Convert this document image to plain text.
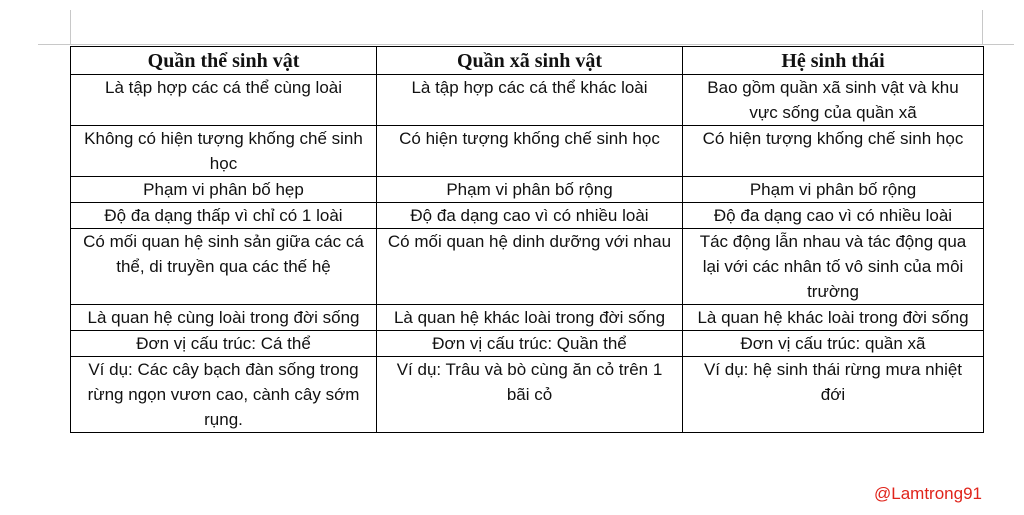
Quần thể sinh vật	Quần xã sinh vật	Hệ sinh thái
Là tập hợp các cá thể cùng loài	Là tập hợp các cá thể khác loài	Bao gồm quần xã sinh vật và khu vực sống của quần xã
Không có hiện tượng khống chế sinh học	Có hiện tượng khống chế sinh học	Có hiện tượng khống chế sinh học
Phạm vi phân bố hẹp	Phạm vi phân bố rộng	Phạm vi phân bố rộng
Độ đa dạng thấp vì chỉ có 1 loài	Độ đa dạng cao vì có nhiều loài	Độ đa dạng cao vì có nhiều loài
Có mối quan hệ sinh sản giữa các cá thể, di truyền qua các thế hệ	Có mối quan hệ dinh dưỡng với nhau	Tác động lẫn nhau và tác động qua lại với các nhân tố vô sinh của môi trường
Là quan hệ cùng loài trong đời sống	Là quan hệ khác loài trong đời sống	Là quan hệ khác loài trong đời sống
Đơn vị cấu trúc: Cá thể	Đơn vị cấu trúc: Quần thể	Đơn vị cấu trúc: quần xã
Ví dụ: Các cây bạch đàn sống trong rừng ngọn vươn cao, cành cây sớm rụng.	Ví dụ: Trâu và bò cùng ăn cỏ trên 1 bãi cỏ	Ví dụ: hệ sinh thái rừng mưa nhiệt đới
@Lamtrong91
